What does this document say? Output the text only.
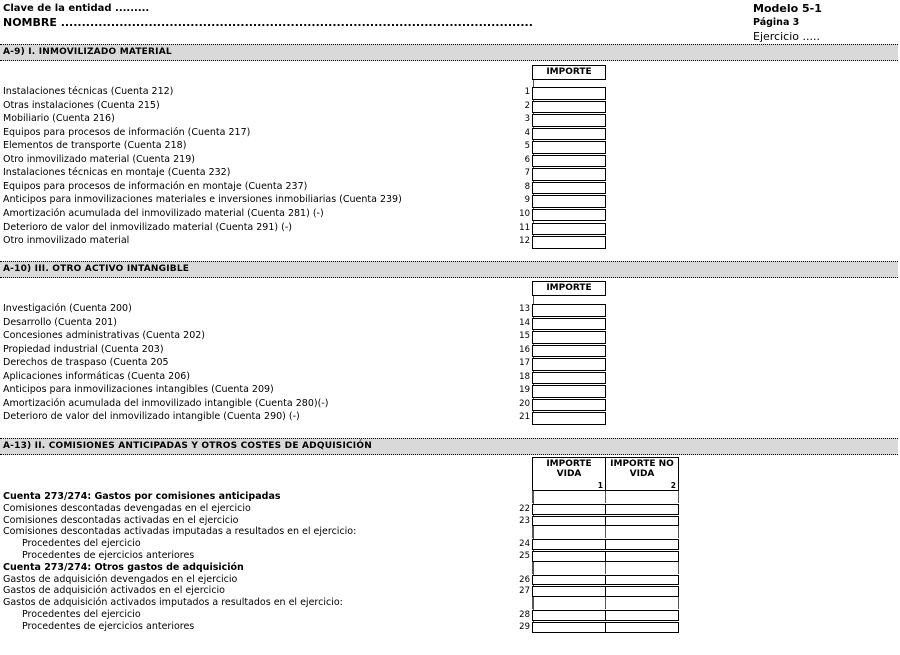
Clave de la entidad .........
NOMBRE .................................................................................................................
Modelo 5-1
Página 3
Ejercicio .....
A-9) I. INMOVILIZADO MATERIAL
IMPORTE
Instalaciones técnicas (Cuenta 212)	1
Otras instalaciones (Cuenta 215)	2
Mobiliario (Cuenta 216)	3
Equipos para procesos de información (Cuenta 217)	4
Elementos de transporte (Cuenta 218)	5
Otro inmovilizado material (Cuenta 219)	6
Instalaciones técnicas en montaje (Cuenta 232)	7
Equipos para procesos de información en montaje (Cuenta 237)	8
Anticipos para inmovilizaciones materiales e inversiones inmobiliarias (Cuenta 239)	9
Amortización acumulada del inmovilizado material (Cuenta 281) (-)	10
Deterioro de valor del inmovilizado material (Cuenta 291) (-)	11
Otro inmovilizado material	12
A-10) III. OTRO ACTIVO INTANGIBLE
IMPORTE
Investigación (Cuenta 200)	13
Desarrollo (Cuenta 201)	14
Concesiones administrativas (Cuenta 202)	15
Propiedad industrial (Cuenta 203)	16
Derechos de traspaso (Cuenta 205	17
Aplicaciones informáticas (Cuenta 206)	18
Anticipos para inmovilizaciones intangibles (Cuenta 209)	19
Amortización acumulada del inmovilizado intangible (Cuenta 280)(-)	20
Deterioro de valor del inmovilizado intangible (Cuenta 290) (-)	21
A-13) II. COMISIONES ANTICIPADAS Y OTROS COSTES DE ADQUISICIÓN
IMPORTE
VIDA
1
IMPORTE NO
VIDA
2
Cuenta 273/274: Gastos por comisiones anticipadas
Comisiones descontadas devengadas en el ejercicio	22
Comisiones descontadas activadas en el ejercicio	23
Comisiones descontadas activadas imputadas a resultados en el ejercicio:
Procedentes del ejercicio	24
Procedentes de ejercicios anteriores	25
Cuenta 273/274: Otros gastos de adquisición
Gastos de adquisición devengados en el ejercicio	26
Gastos de adquisición activados en el ejercicio	27
Gastos de adquisición activados imputados a resultados en el ejercicio:
Procedentes del ejercicio	28
Procedentes de ejercicios anteriores	29
